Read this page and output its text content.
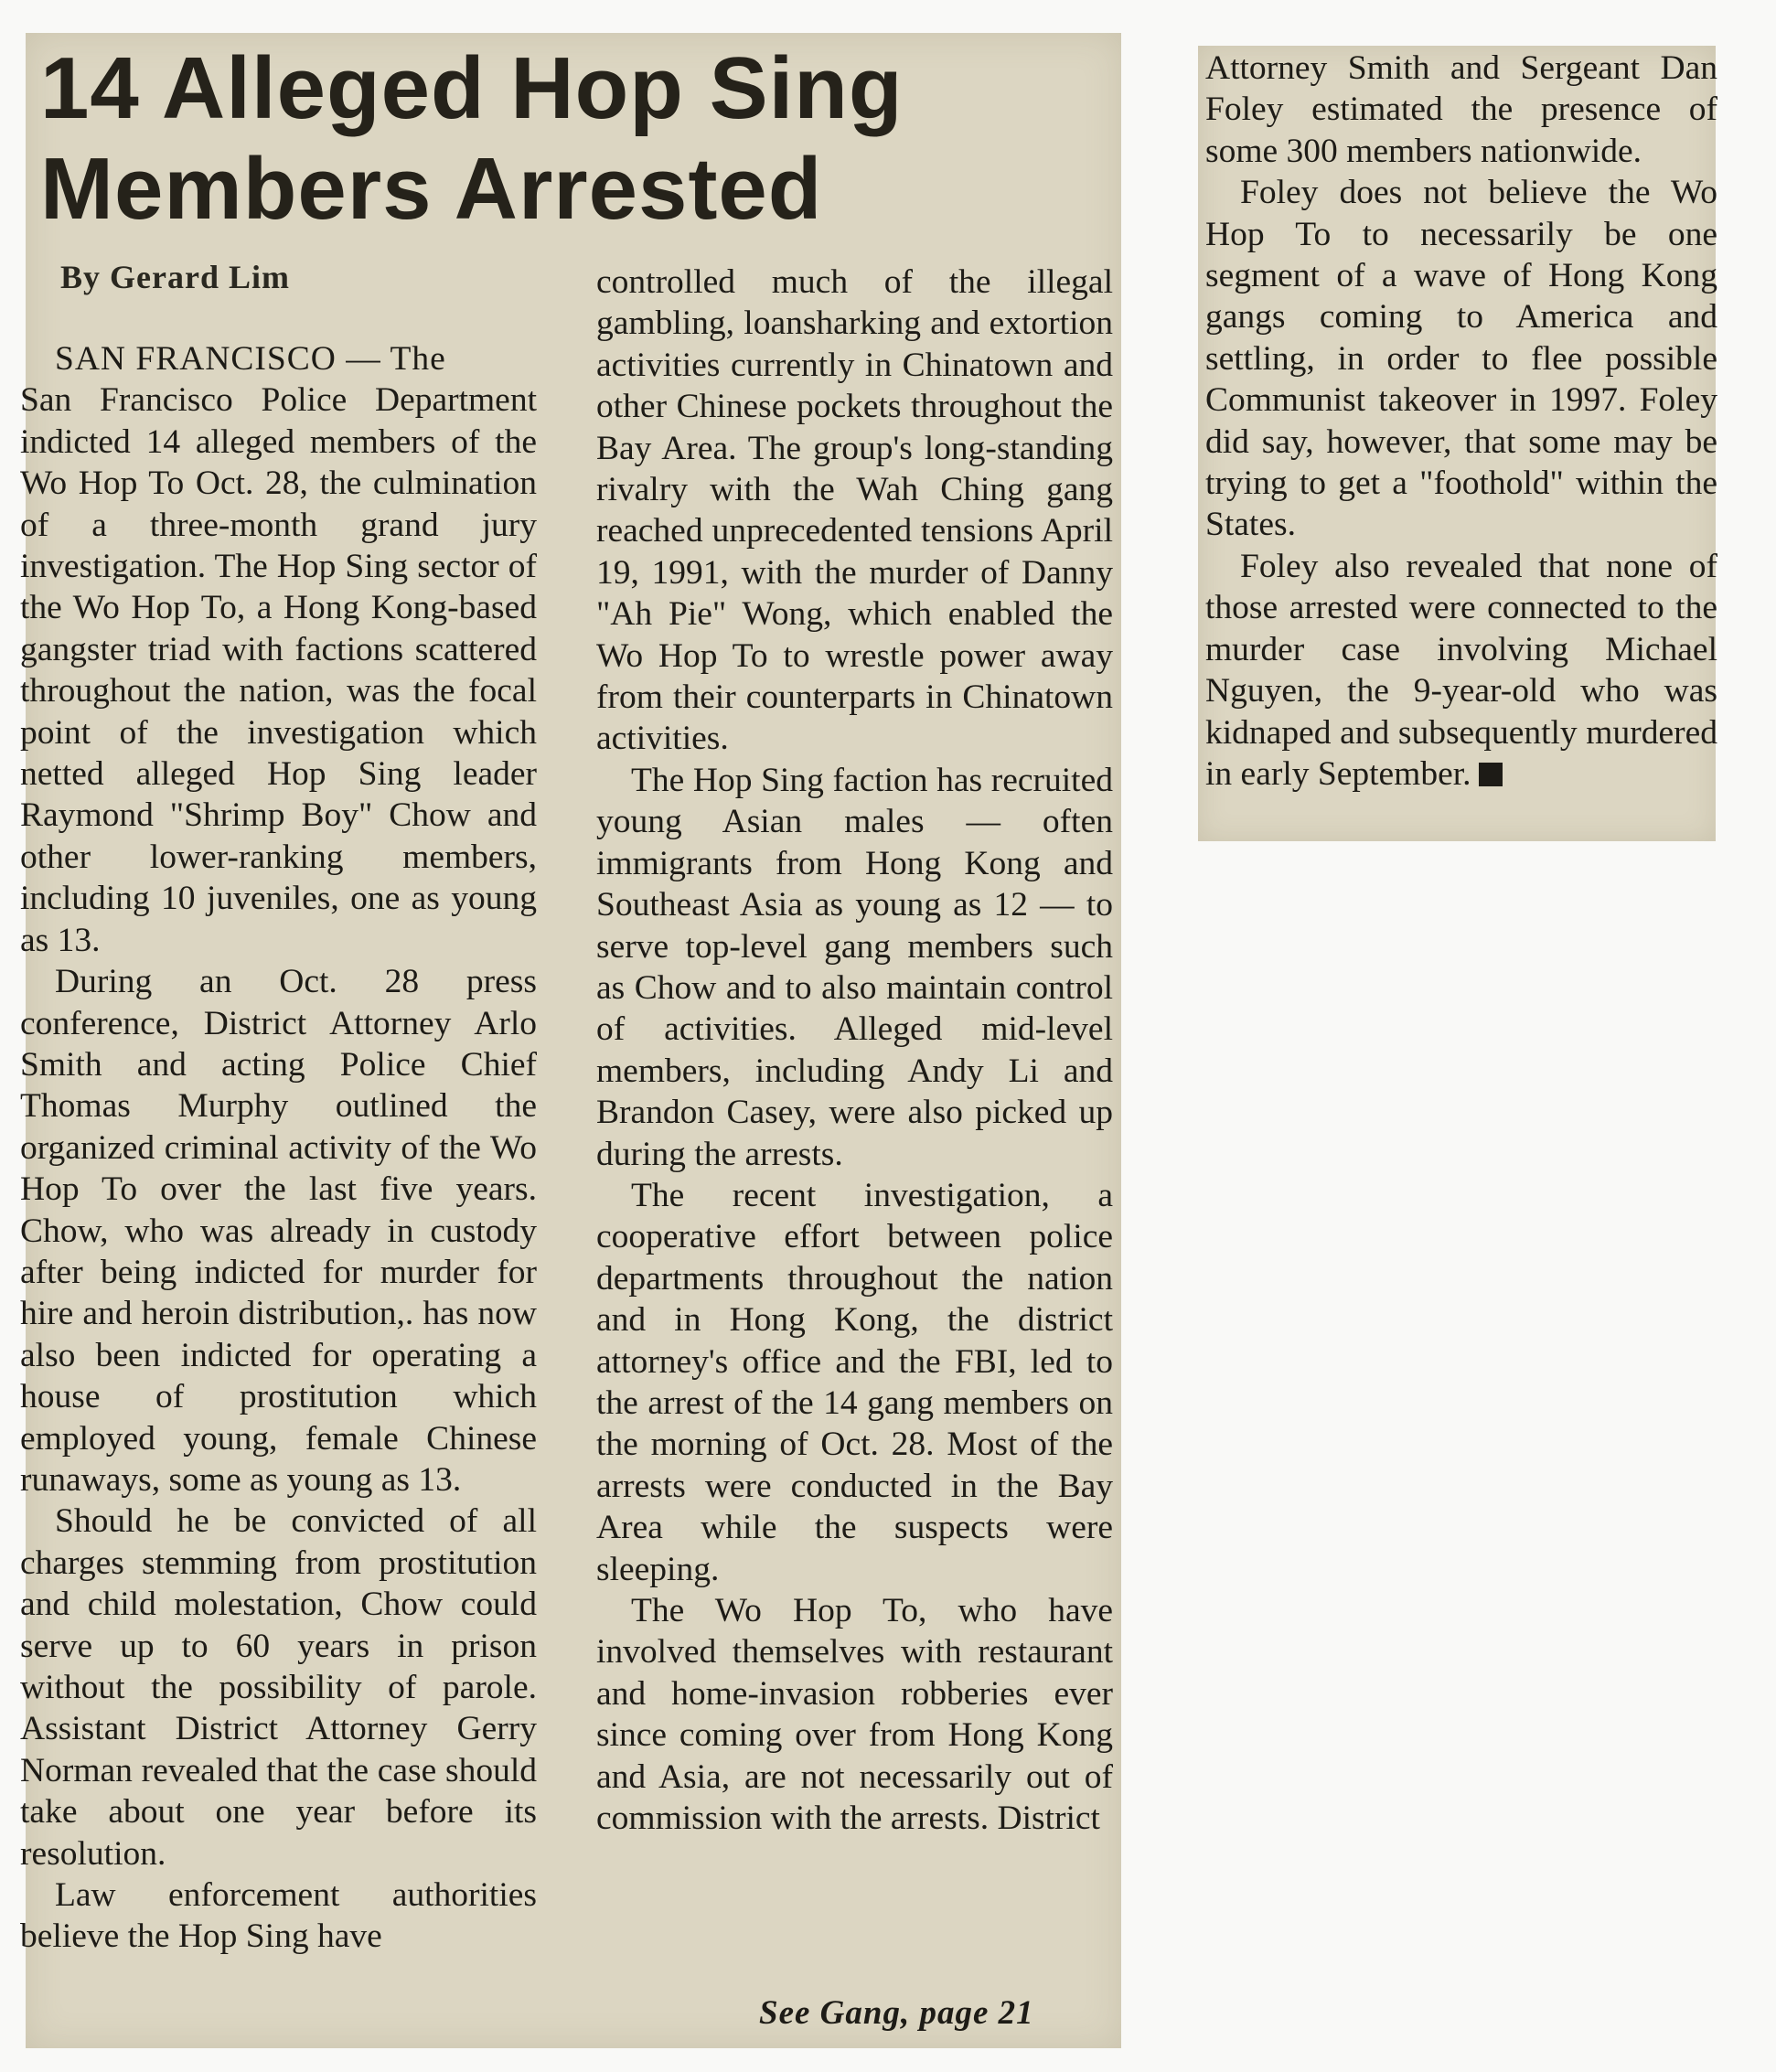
14 Alleged Hop Sing
Members Arrested
By Gerard Lim

SAN FRANCISCO — The

San Francisco Police Department indicted 14 alleged members of the Wo Hop To Oct. 28, the culmination of a three-month grand jury investigation. The Hop Sing sector of the Wo Hop To, a Hong Kong-based gangster triad with factions scattered throughout the nation, was the focal point of the investigation which netted alleged Hop Sing leader Raymond "Shrimp Boy" Chow and other lower-ranking members, including 10 juveniles, one as young as 13.

During an Oct. 28 press conference, District Attorney Arlo Smith and acting Police Chief Thomas Murphy outlined the organized criminal activity of the Wo Hop To over the last five years. Chow, who was already in custody after being indicted for murder for hire and heroin distribution,. has now also been indicted for operating a house of prostitution which employed young, female Chinese runaways, some as young as 13.

Should he be convicted of all charges stemming from prostitution and child molestation, Chow could serve up to 60 years in prison without the possibility of parole. Assistant District Attorney Gerry Norman revealed that the case should take about one year before its resolution.

Law enforcement authorities believe the Hop Sing have

controlled much of the illegal gambling, loansharking and extortion activities currently in Chinatown and other Chinese pockets throughout the Bay Area. The group's long-standing rivalry with the Wah Ching gang reached unprecedented tensions April 19, 1991, with the murder of Danny "Ah Pie" Wong, which enabled the Wo Hop To to wrestle power away from their counterparts in Chinatown activities.

The Hop Sing faction has recruited young Asian males — often immigrants from Hong Kong and Southeast Asia as young as 12 — to serve top-level gang members such as Chow and to also maintain control of activities. Alleged mid-level members, including Andy Li and Brandon Casey, were also picked up during the arrests.

The recent investigation, a cooperative effort between police departments throughout the nation and in Hong Kong, the district attorney's office and the FBI, led to the arrest of the 14 gang members on the morning of Oct. 28. Most of the arrests were conducted in the Bay Area while the suspects were sleeping.

The Wo Hop To, who have involved themselves with restaurant and home-invasion robberies ever since coming over from Hong Kong and Asia, are not necessarily out of commission with the arrests. District

See Gang, page 21

Attorney Smith and Sergeant Dan Foley estimated the presence of some 300 members nationwide.

Foley does not believe the Wo Hop To to necessarily be one segment of a wave of Hong Kong gangs coming to America and settling, in order to flee possible Communist takeover in 1997. Foley did say, however, that some may be trying to get a "foothold" within the States.

Foley also revealed that none of those arrested were connected to the murder case involving Michael Nguyen, the 9-year-old who was kidnaped and subsequently murdered in early September.
